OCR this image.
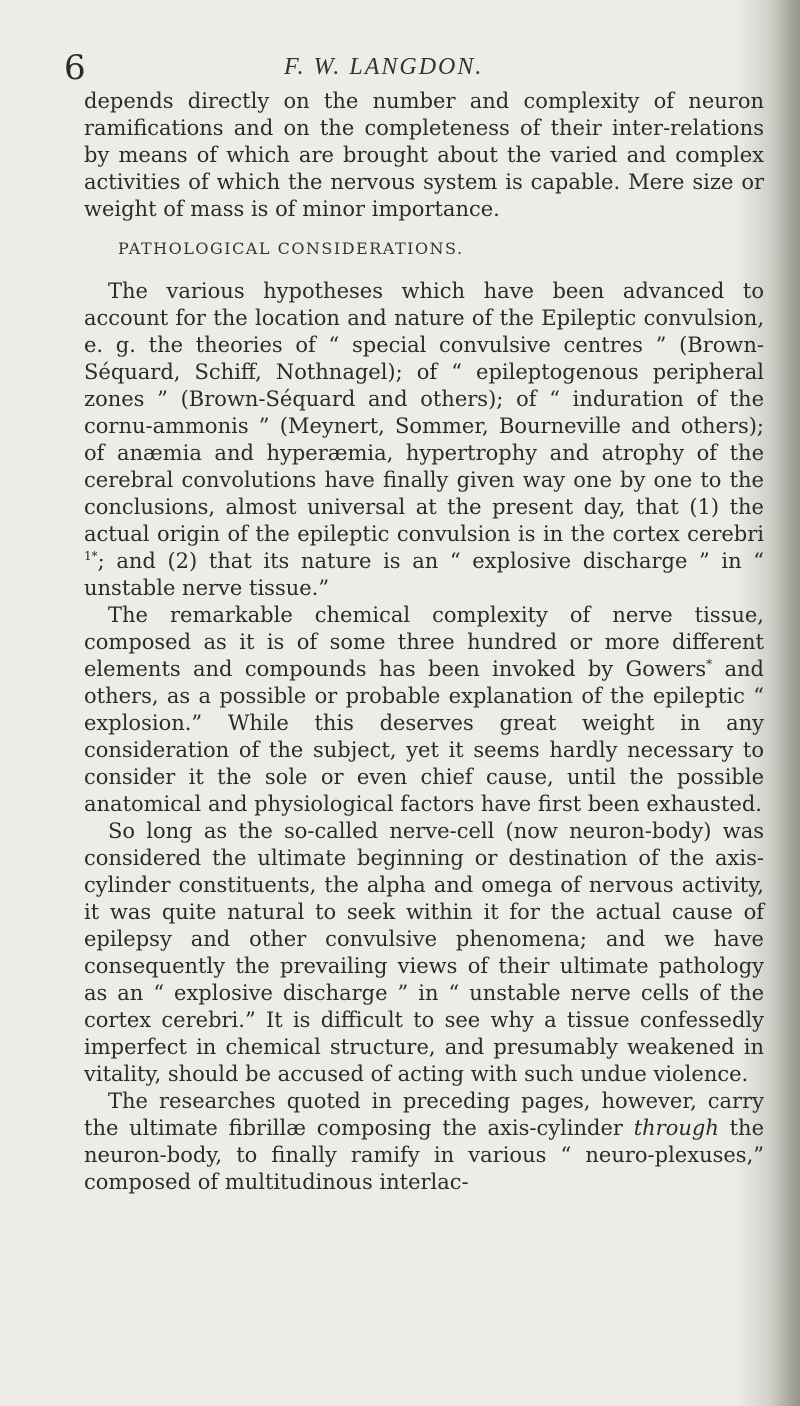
6	F. W. LANGDON.

depends directly on the number and complexity of neuron ramifications and on the completeness of their inter-relations by means of which are brought about the varied and complex activities of which the nervous system is capable. Mere size or weight of mass is of minor importance.

PATHOLOGICAL CONSIDERATIONS.

The various hypotheses which have been advanced to account for the location and nature of the Epileptic convulsion, e. g. the theories of “ special convulsive centres ” (Brown-Séquard, Schiff, Nothnagel); of “ epileptogenous peripheral zones ” (Brown-Séquard and others); of “ induration of the cornu-ammonis ” (Meynert, Sommer, Bourneville and others); of anæmia and hyperæmia, hypertrophy and atrophy of the cerebral convolutions have finally given way one by one to the conclusions, almost universal at the present day, that (1) the actual origin of the epileptic convulsion is in the cortex cerebri $^{1*}$; and (2) that its nature is an “ explosive discharge ” in “ unstable nerve tissue.”

The remarkable chemical complexity of nerve tissue, composed as it is of some three hundred or more different elements and compounds has been invoked by Gowers* and others, as a possible or probable explanation of the epileptic “ explosion.” While this deserves great weight in any consideration of the subject, yet it seems hardly necessary to consider it the sole or even chief cause, until the possible anatomical and physiological factors have first been exhausted.

So long as the so-called nerve-cell (now neuron-body) was considered the ultimate beginning or destination of the axis-cylinder constituents, the alpha and omega of nervous activity, it was quite natural to seek within it for the actual cause of epilepsy and other convulsive phenomena; and we have consequently the prevailing views of their ultimate pathology as an “ explosive discharge ” in “ unstable nerve cells of the cortex cerebri.” It is difficult to see why a tissue confessedly imperfect in chemical structure, and presumably weakened in vitality, should be accused of acting with such undue violence.

The researches quoted in preceding pages, however, carry the ultimate fibrillæ composing the axis-cylinder through the neuron-body, to finally ramify in various “ neuro-plexuses,” composed of multitudinous interlac-
